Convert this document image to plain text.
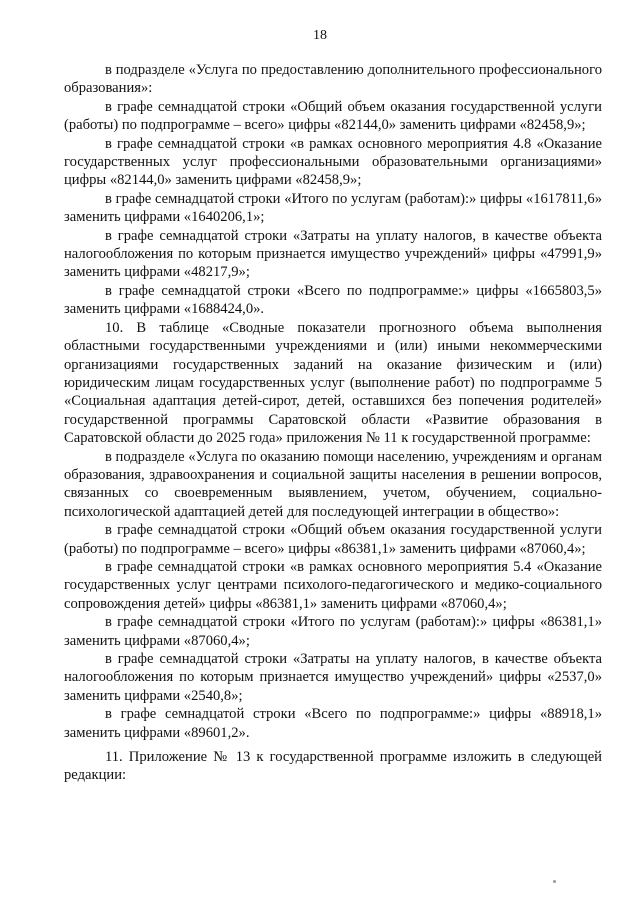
18

в подразделе «Услуга по предоставлению дополнительного профессионального образования»:

в графе семнадцатой строки «Общий объем оказания государственной услуги (работы) по подпрограмме – всего» цифры «82144,0» заменить цифрами «82458,9»;

в графе семнадцатой строки «в рамках основного мероприятия 4.8 «Оказание государственных услуг профессиональными образовательными организациями» цифры «82144,0» заменить цифрами «82458,9»;

в графе семнадцатой строки «Итого по услугам (работам):» цифры «1617811,6» заменить цифрами «1640206,1»;

в графе семнадцатой строки «Затраты на уплату налогов, в качестве объекта налогообложения по которым признается имущество учреждений» цифры «47991,9» заменить цифрами «48217,9»;

в графе семнадцатой строки «Всего по подпрограмме:» цифры «1665803,5» заменить цифрами «1688424,0».

10. В таблице «Сводные показатели прогнозного объема выполнения областными государственными учреждениями и (или) иными некоммерческими организациями государственных заданий на оказание физическим и (или) юридическим лицам государственных услуг (выполнение работ) по подпрограмме 5 «Социальная адаптация детей-сирот, детей, оставшихся без попечения родителей» государственной программы Саратовской области «Развитие образования в Саратовской области до 2025 года» приложения № 11 к государственной программе:

в подразделе «Услуга по оказанию помощи населению, учреждениям и органам образования, здравоохранения и социальной защиты населения в решении вопросов, связанных со своевременным выявлением, учетом, обучением, социально-психологической адаптацией детей для последующей интеграции в общество»:

в графе семнадцатой строки «Общий объем оказания государственной услуги (работы) по подпрограмме – всего» цифры «86381,1» заменить цифрами «87060,4»;

в графе семнадцатой строки «в рамках основного мероприятия 5.4 «Оказание государственных услуг центрами психолого-педагогического и медико-социального сопровождения детей» цифры «86381,1» заменить цифрами «87060,4»;

в графе семнадцатой строки «Итого по услугам (работам):» цифры «86381,1» заменить цифрами «87060,4»;

в графе семнадцатой строки «Затраты на уплату налогов, в качестве объекта налогообложения по которым признается имущество учреждений» цифры «2537,0» заменить цифрами «2540,8»;

в графе семнадцатой строки «Всего по подпрограмме:» цифры «88918,1» заменить цифрами «89601,2».

11. Приложение № 13 к государственной программе изложить в следующей редакции:
